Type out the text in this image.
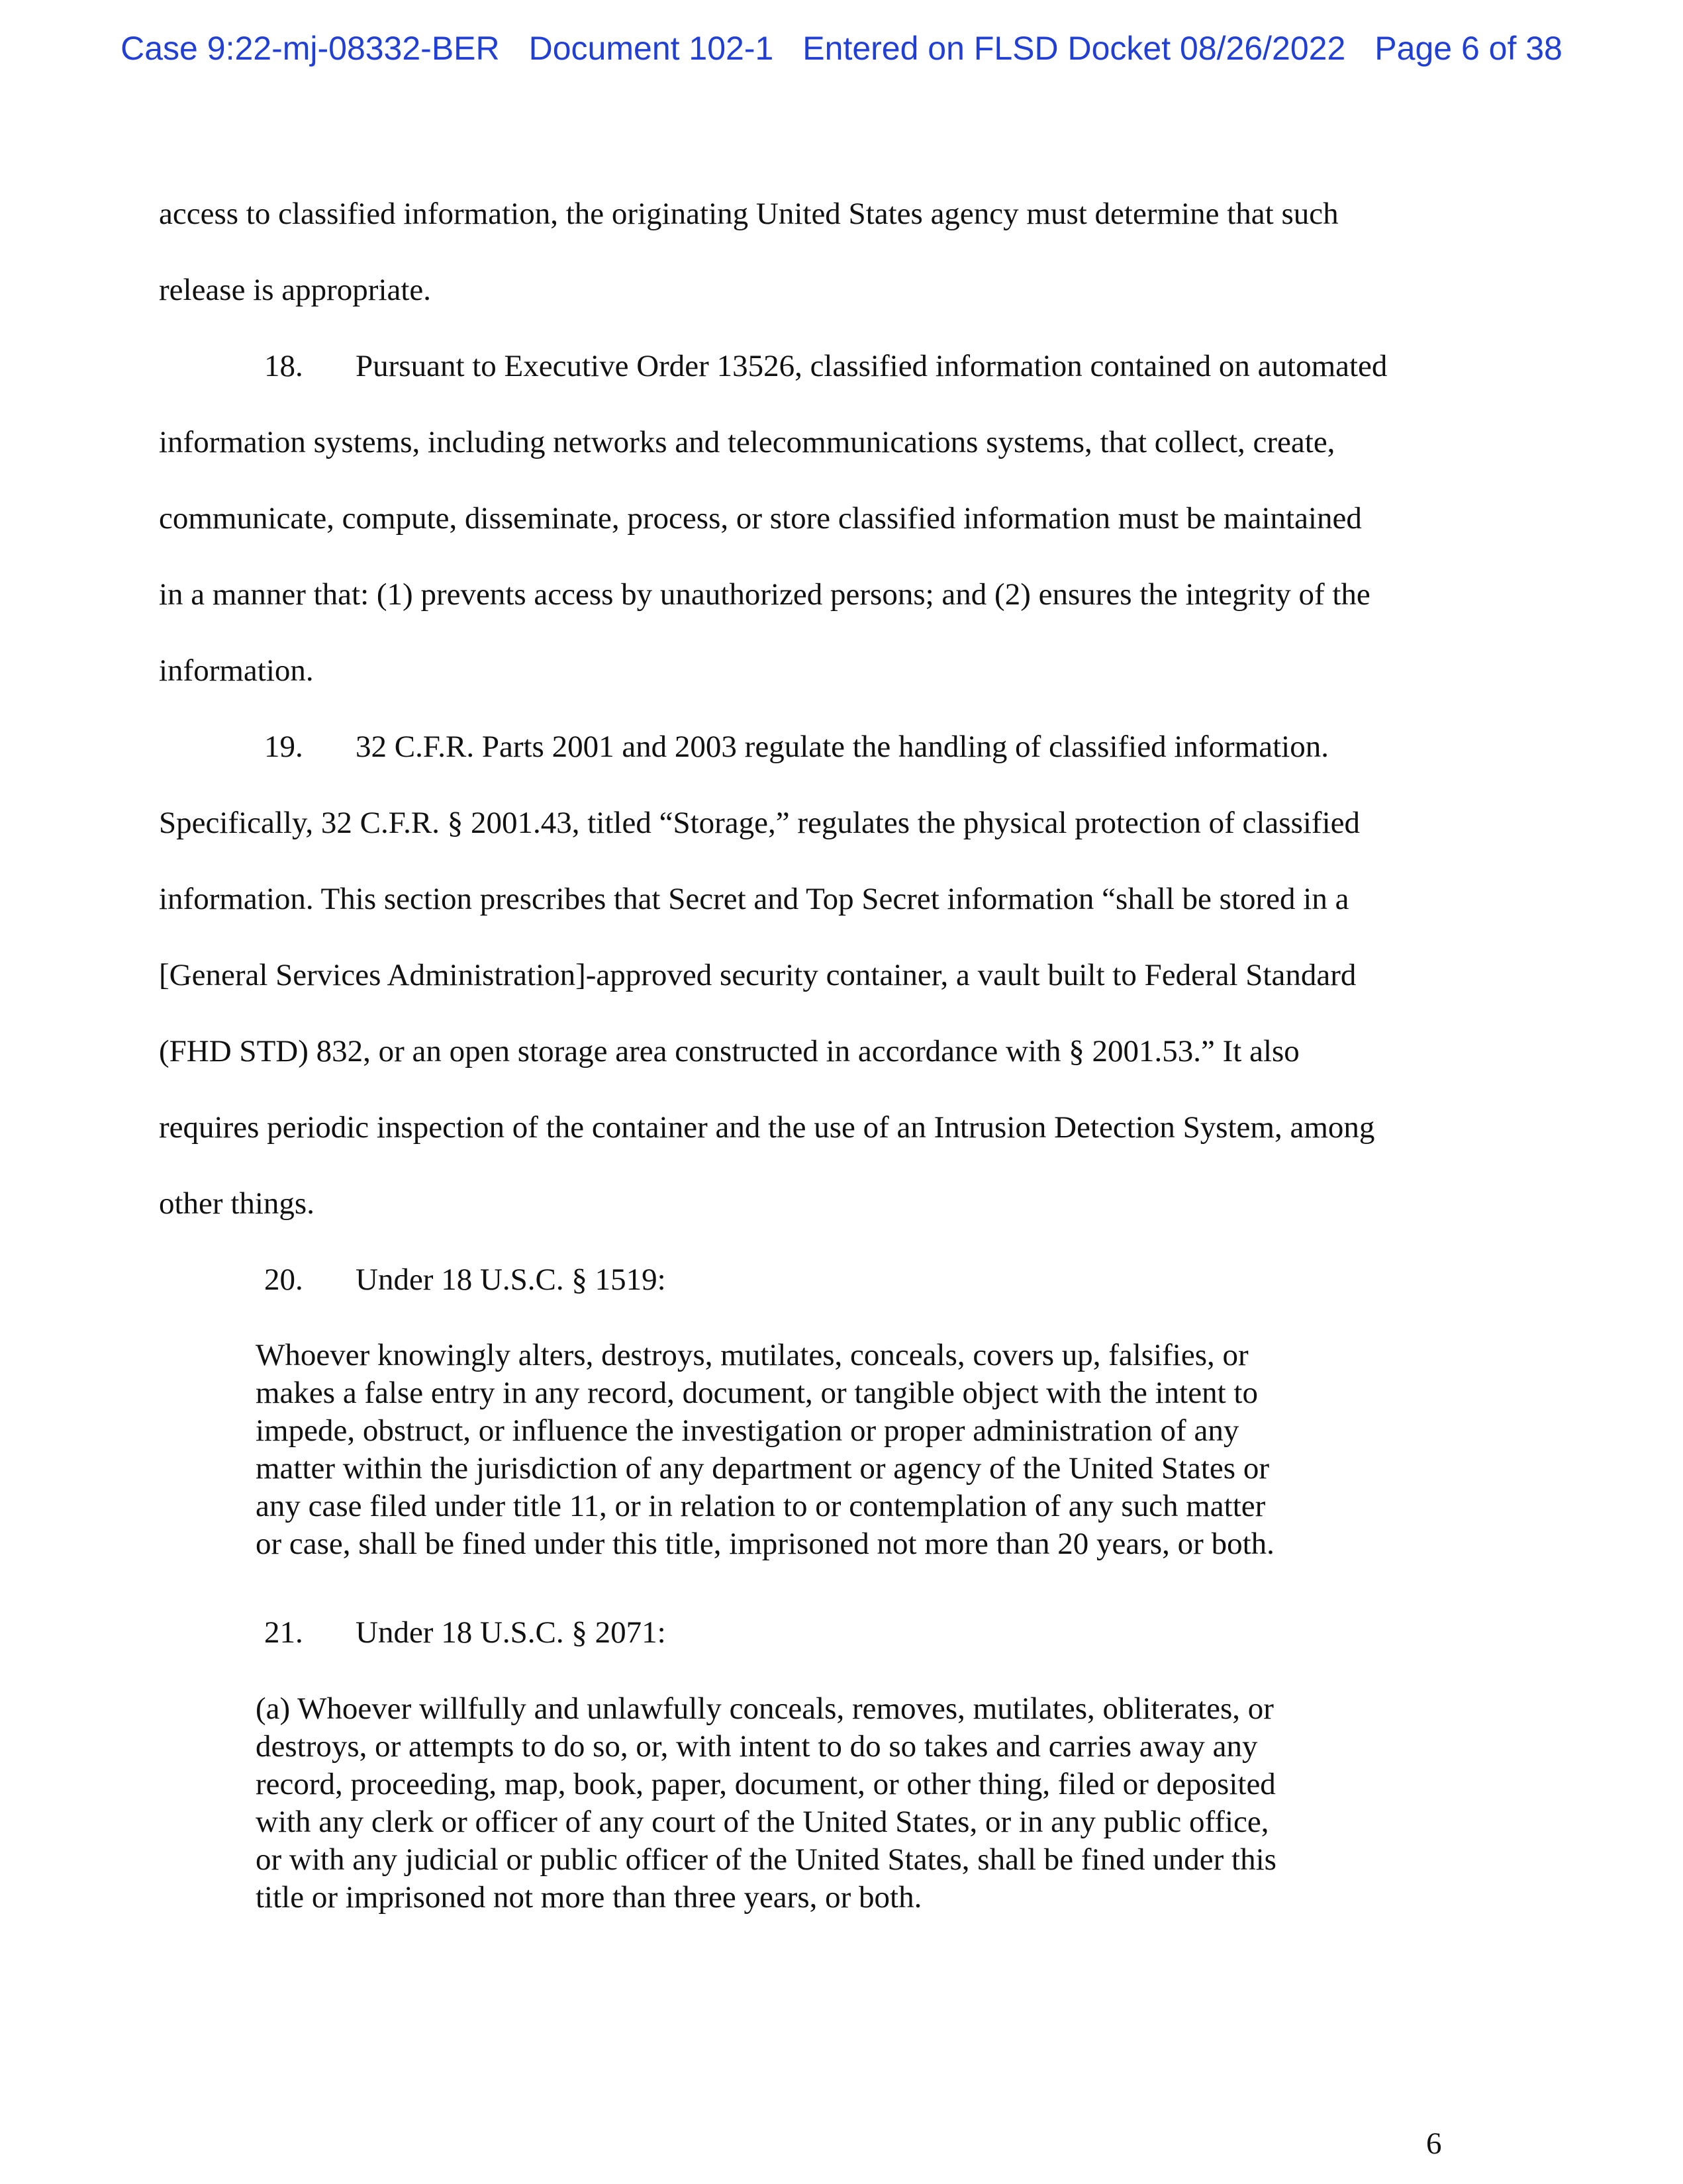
Case 9:22-mj-08332-BER Document 102-1 Entered on FLSD Docket 08/26/2022 Page 6 of 38
access to classified information, the originating United States agency must determine that such
release is appropriate.
18. Pursuant to Executive Order 13526, classified information contained on automated
information systems, including networks and telecommunications systems, that collect, create,
communicate, compute, disseminate, process, or store classified information must be maintained
in a manner that: (1) prevents access by unauthorized persons; and (2) ensures the integrity of the
information.
19. 32 C.F.R. Parts 2001 and 2003 regulate the handling of classified information.
Specifically, 32 C.F.R. § 2001.43, titled “Storage,” regulates the physical protection of classified
information. This section prescribes that Secret and Top Secret information “shall be stored in a
[General Services Administration]-approved security container, a vault built to Federal Standard
(FHD STD) 832, or an open storage area constructed in accordance with § 2001.53.” It also
requires periodic inspection of the container and the use of an Intrusion Detection System, among
other things.
20. Under 18 U.S.C. § 1519:
Whoever knowingly alters, destroys, mutilates, conceals, covers up, falsifies, or
makes a false entry in any record, document, or tangible object with the intent to
impede, obstruct, or influence the investigation or proper administration of any
matter within the jurisdiction of any department or agency of the United States or
any case filed under title 11, or in relation to or contemplation of any such matter
or case, shall be fined under this title, imprisoned not more than 20 years, or both.
21. Under 18 U.S.C. § 2071:
(a) Whoever willfully and unlawfully conceals, removes, mutilates, obliterates, or
destroys, or attempts to do so, or, with intent to do so takes and carries away any
record, proceeding, map, book, paper, document, or other thing, filed or deposited
with any clerk or officer of any court of the United States, or in any public office,
or with any judicial or public officer of the United States, shall be fined under this
title or imprisoned not more than three years, or both.
6
